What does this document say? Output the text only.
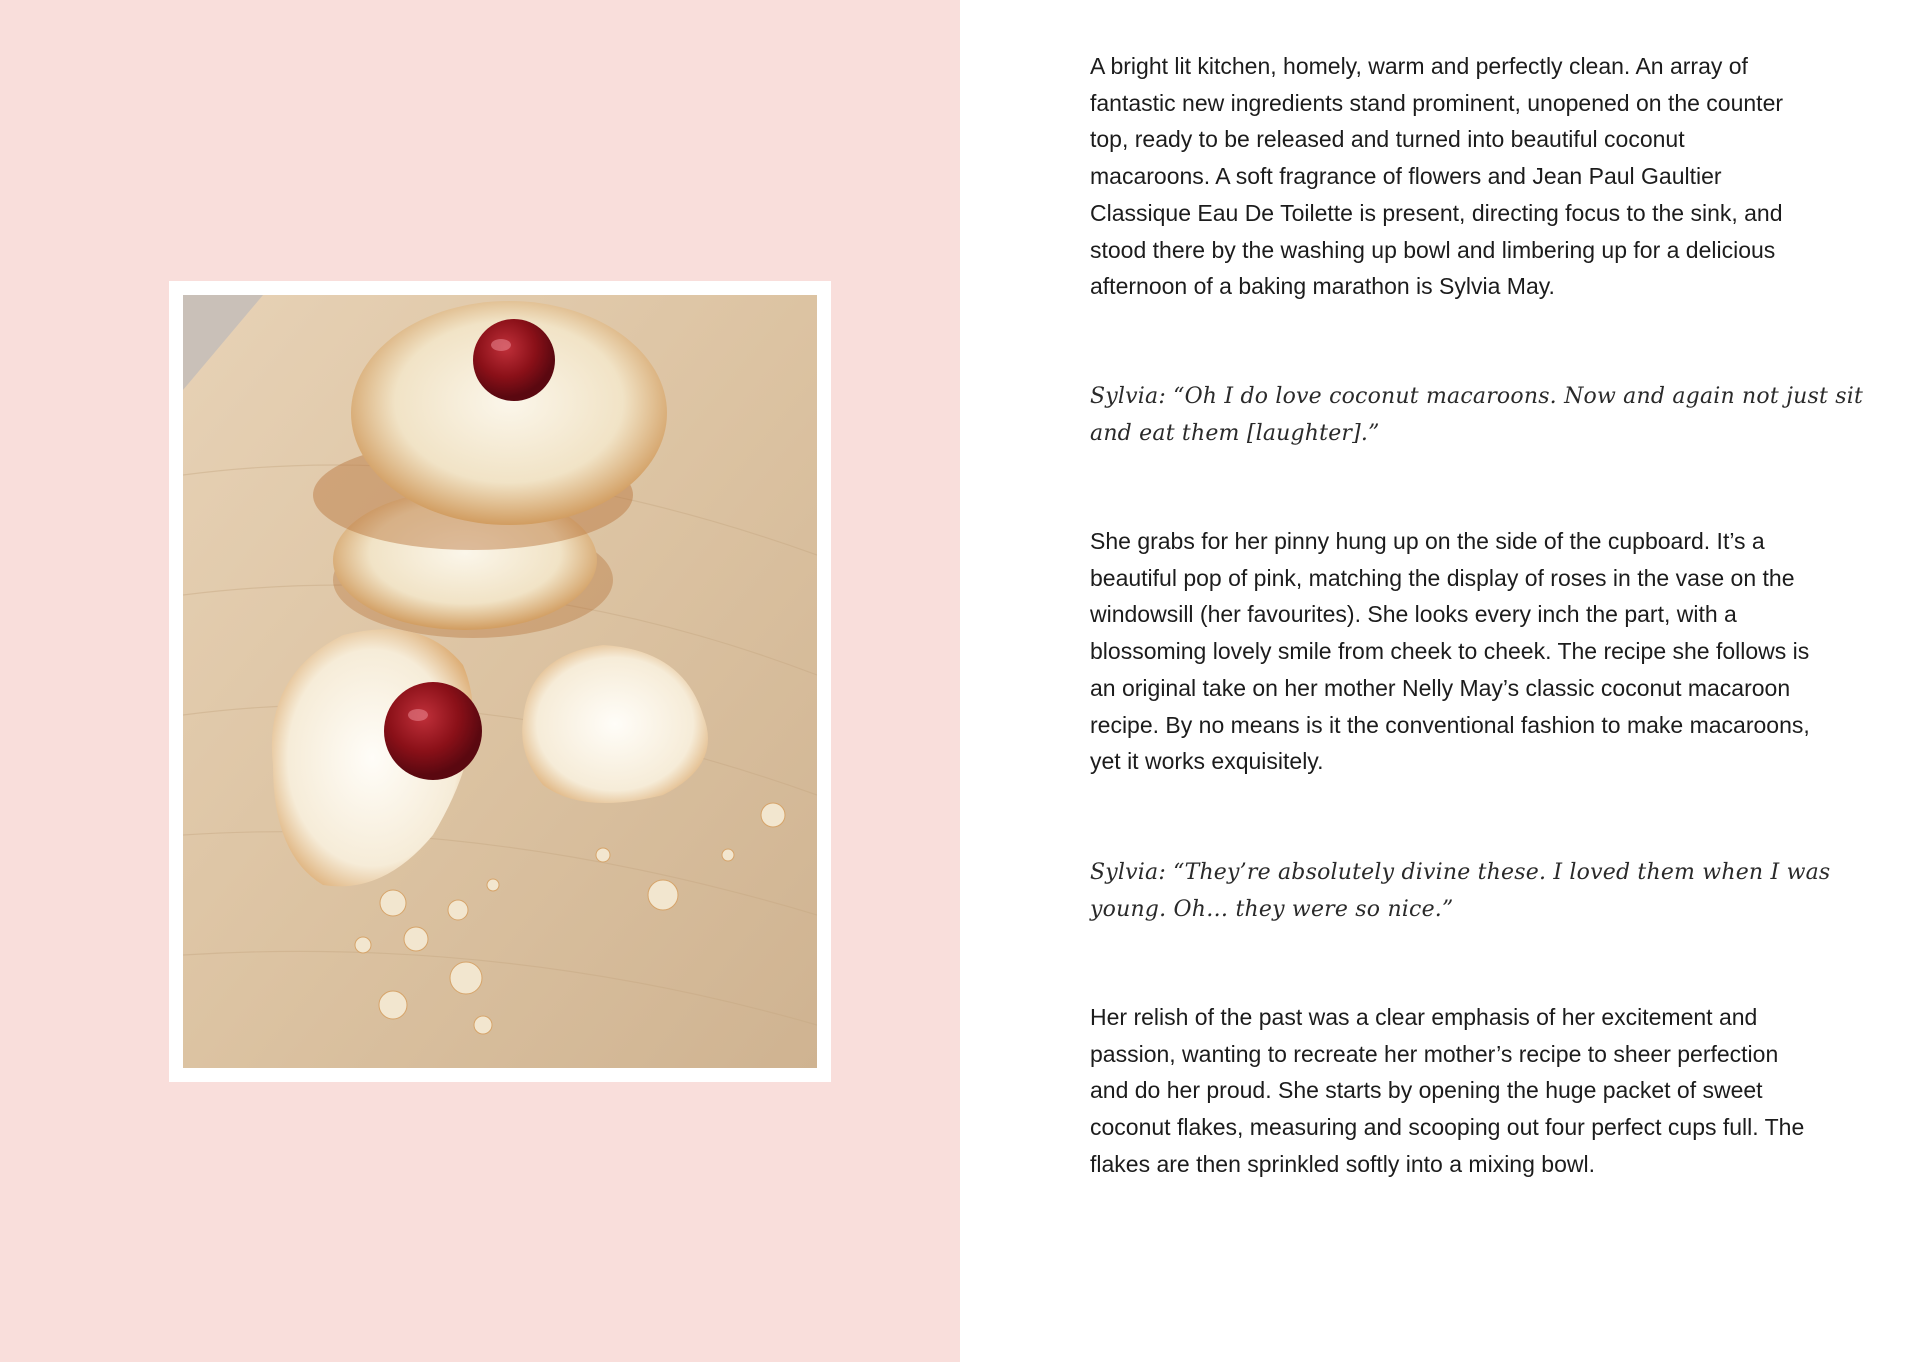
A bright lit kitchen, homely, warm and perfectly clean. An array of fantastic new ingredients stand prominent, unopened on the counter top, ready to be released and turned into beautiful coconut macaroons. A soft fragrance of flowers and Jean Paul Gaultier Classique Eau De Toilette is present, directing focus to the sink, and stood there by the washing up bowl and limbering up for a delicious afternoon of a baking marathon is Sylvia May.

Sylvia: “Oh I do love coconut macaroons. Now and again not just sit and eat them [laughter].”

She grabs for her pinny hung up on the side of the cupboard. It’s a beautiful pop of pink, matching the display of roses in the vase on the windowsill (her favourites). She looks every inch the part, with a blossoming lovely smile from cheek to cheek. The recipe she follows is an original take on her mother Nelly May’s classic coconut macaroon recipe. By no means is it the conventional fashion to make macaroons, yet it works exquisitely.

Sylvia: “They’re absolutely divine these. I loved them when I was young. Oh… they were so nice.”

Her relish of the past was a clear emphasis of her excitement and passion, wanting to recreate her mother’s recipe to sheer perfection and do her proud. She starts by opening the huge packet of sweet coconut flakes, measuring and scooping out four perfect cups full. The flakes are then sprinkled softly into a mixing bowl.
